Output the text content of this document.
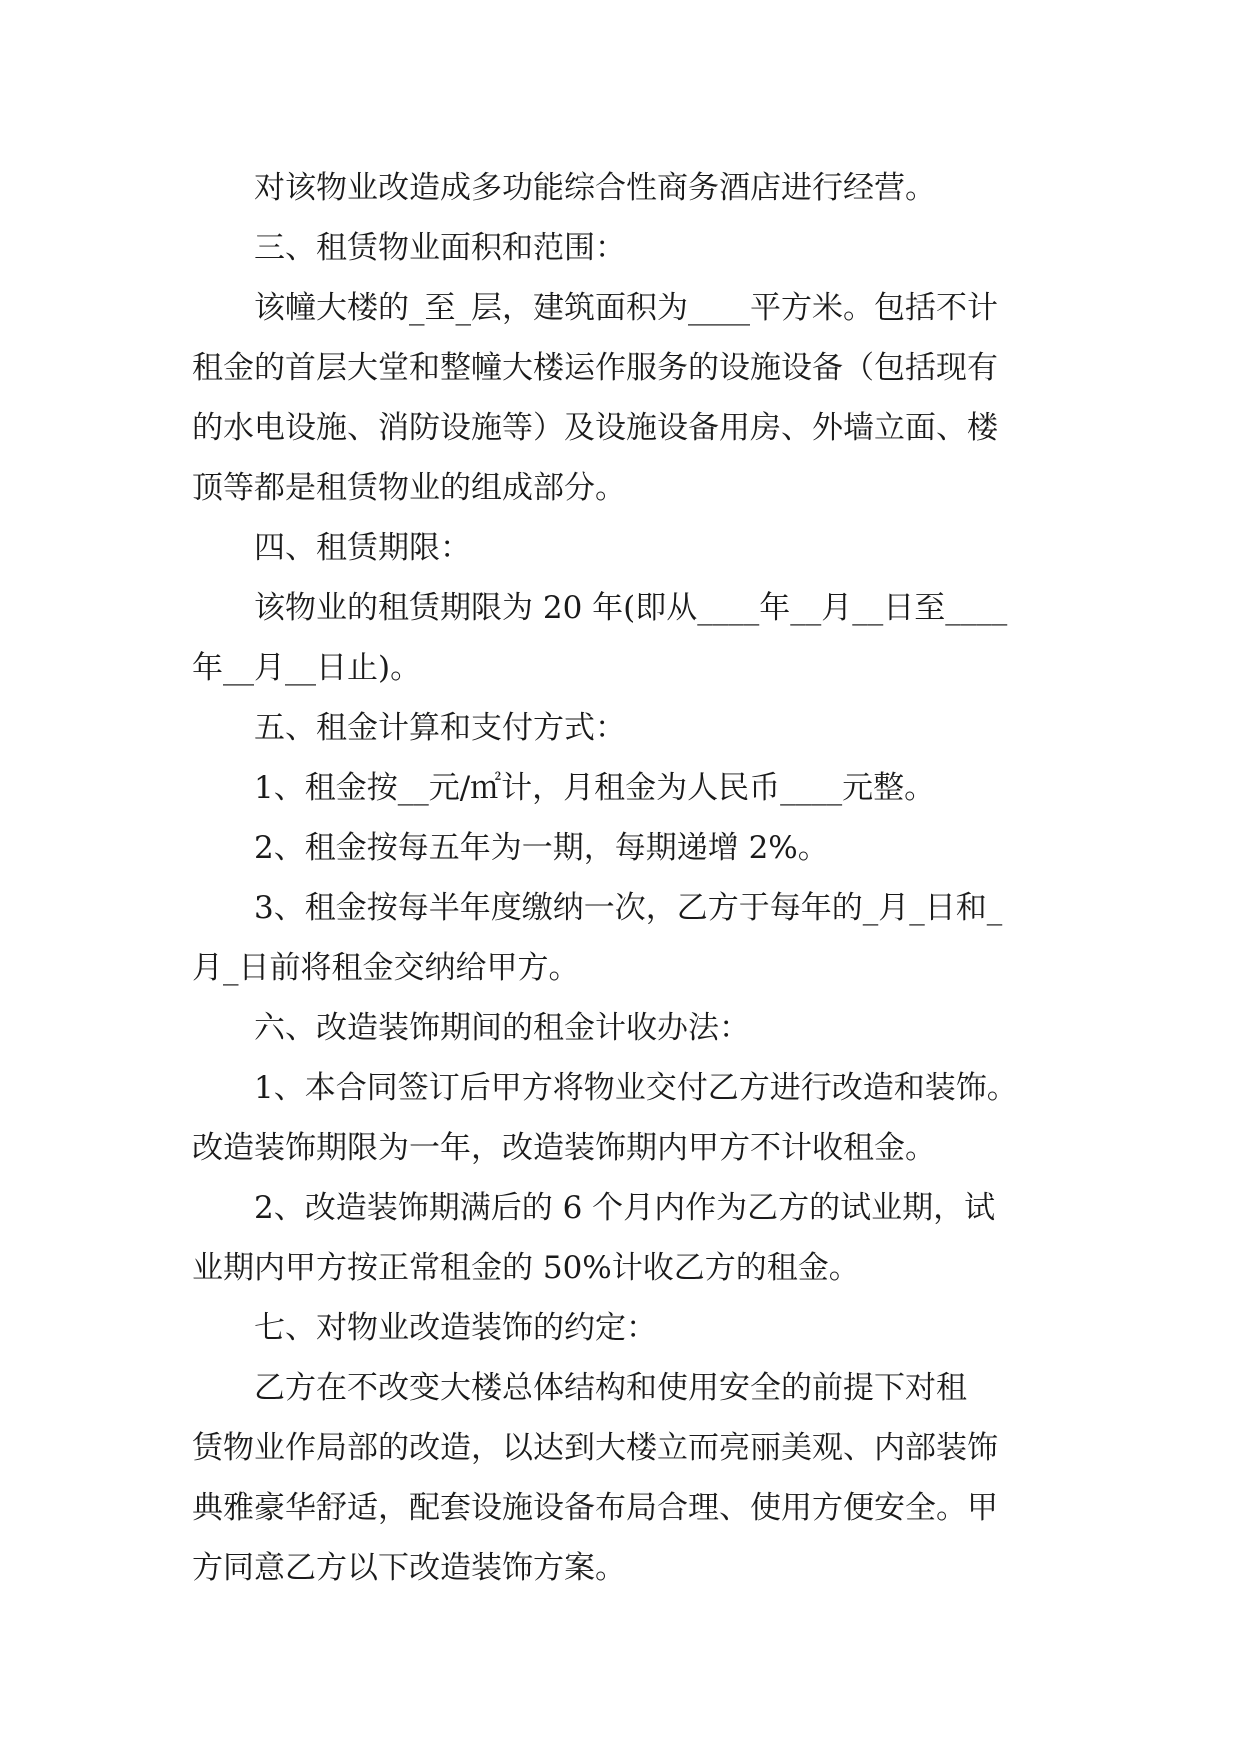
　　对该物业改造成多功能综合性商务酒店进行经营。
　　三、租赁物业面积和范围：
　　该幢大楼的_至_层，建筑面积为____平方米。包括不计
租金的首层大堂和整幢大楼运作服务的设施设备（包括现有
的水电设施、消防设施等）及设施设备用房、外墙立面、楼
顶等都是租赁物业的组成部分。
　　四、租赁期限：
　　该物业的租赁期限为 20 年(即从____年__月__日至____
年__月__日止)。
　　五、租金计算和支付方式：
　　1、租金按__元/㎡计，月租金为人民币____元整。
　　2、租金按每五年为一期，每期递增 2%。
　　3、租金按每半年度缴纳一次，乙方于每年的_月_日和_
月_日前将租金交纳给甲方。
　　六、改造装饰期间的租金计收办法：
　　1、本合同签订后甲方将物业交付乙方进行改造和装饰。
改造装饰期限为一年，改造装饰期内甲方不计收租金。
　　2、改造装饰期满后的 6 个月内作为乙方的试业期，试
业期内甲方按正常租金的 50%计收乙方的租金。
　　七、对物业改造装饰的约定：
　　乙方在不改变大楼总体结构和使用安全的前提下对租
赁物业作局部的改造，以达到大楼立而亮丽美观、内部装饰
典雅豪华舒适，配套设施设备布局合理、使用方便安全。甲
方同意乙方以下改造装饰方案。
